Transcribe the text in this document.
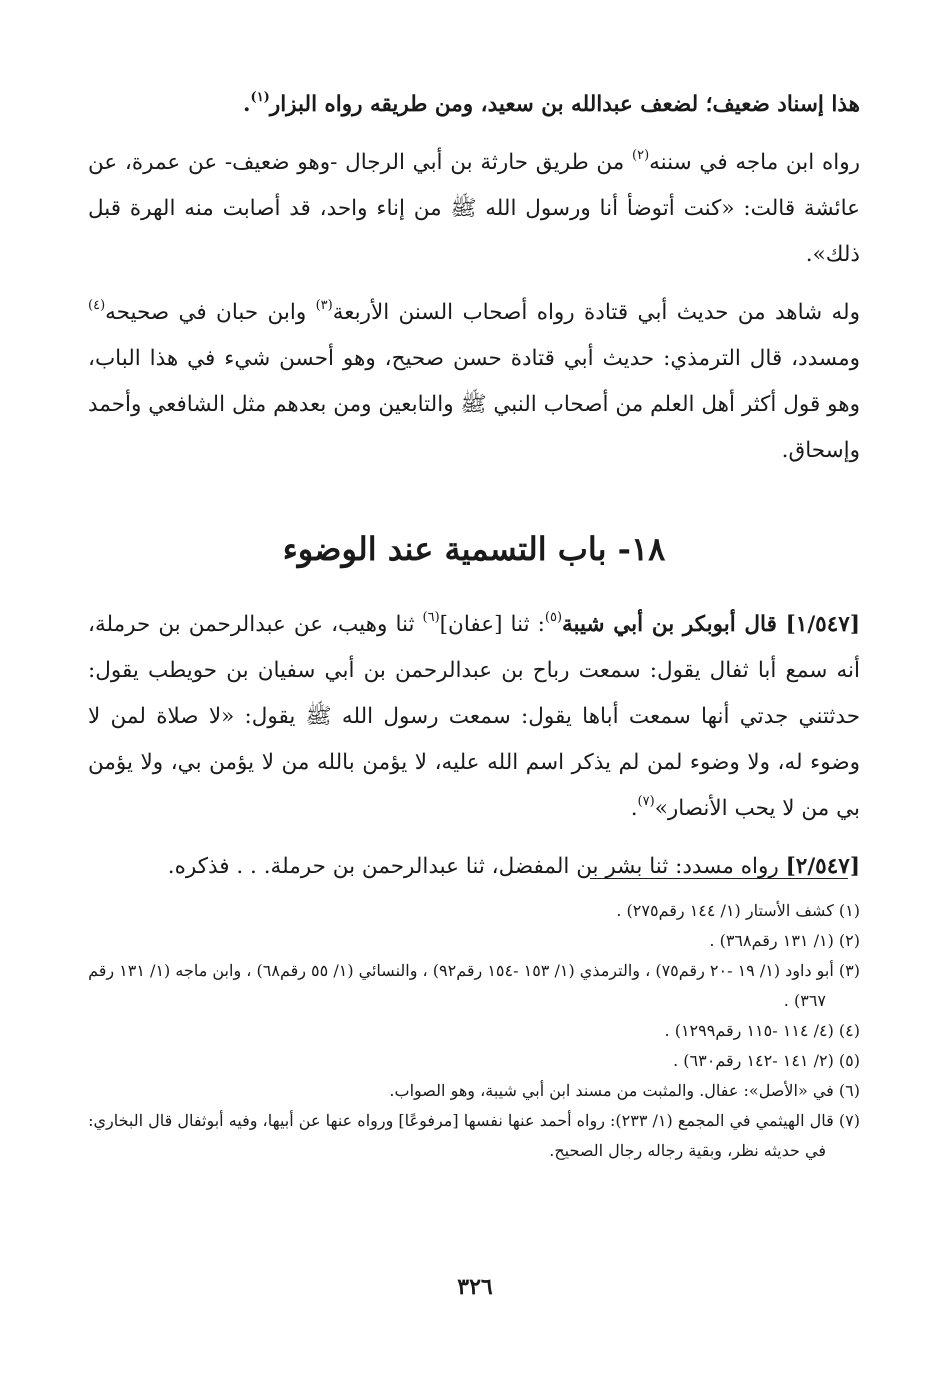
هذا إسناد ضعيف؛ لضعف عبدالله بن سعيد، ومن طريقه رواه البزار$^{(١)}$.

رواه ابن ماجه في سننه$^{(٢)}$ من طريق حارثة بن أبي الرجال -وهو ضعيف- عن عمرة، عن عائشة قالت: «كنت أتوضأ أنا ورسول الله ﷺ من إناء واحد، قد أصابت منه الهرة قبل ذلك».

وله شاهد من حديث أبي قتادة رواه أصحاب السنن الأربعة$^{(٣)}$ وابن حبان في صحيحه$^{(٤)}$ ومسدد، قال الترمذي: حديث أبي قتادة حسن صحيح، وهو أحسن شيء في هذا الباب، وهو قول أكثر أهل العلم من أصحاب النبي ﷺ والتابعين ومن بعدهم مثل الشافعي وأحمد وإسحاق.

١٨- باب التسمية عند الوضوء

[١/٥٤٧] قال أبوبكر بن أبي شيبة$^{(٥)}$: ثنا [عفان]$^{(٦)}$ ثنا وهيب، عن عبدالرحمن بن حرملة، أنه سمع أبا ثفال يقول: سمعت رباح بن عبدالرحمن بن أبي سفيان بن حويطب يقول: حدثتني جدتي أنها سمعت أباها يقول: سمعت رسول الله ﷺ يقول: «لا صلاة لمن لا وضوء له، ولا وضوء لمن لم يذكر اسم الله عليه، لا يؤمن بالله من لا يؤمن بي، ولا يؤمن بي من لا يحب الأنصار»$^{(٧)}$.

[٢/٥٤٧] رواه مسدد: ثنا بشر بن المفضل، ثنا عبدالرحمن بن حرملة. . . فذكره.

(١) كشف الأستار (١/ ١٤٤ رقم٢٧٥) .

(٢) (١/ ١٣١ رقم٣٦٨) .

(٣) أبو داود (١/ ١٩ -٢٠ رقم٧٥) ، والترمذي (١/ ١٥٣ -١٥٤ رقم٩٢) ، والنسائي (١/ ٥٥ رقم٦٨) ، وابن ماجه (١/ ١٣١ رقم ٣٦٧) .

(٤) (٤/ ١١٤ -١١٥ رقم١٢٩٩) .

(٥) (٢/ ١٤١ -١٤٢ رقم٦٣٠) .

(٦) في «الأصل»: عفال. والمثبت من مسند ابن أبي شيبة، وهو الصواب.

(٧) قال الهيثمي في المجمع (١/ ٢٣٣): رواه أحمد عنها نفسها [مرفوعًا] ورواه عنها عن أبيها، وفيه أبوثفال قال البخاري: في حديثه نظر، وبقية رجاله رجال الصحيح.

٣٢٦
